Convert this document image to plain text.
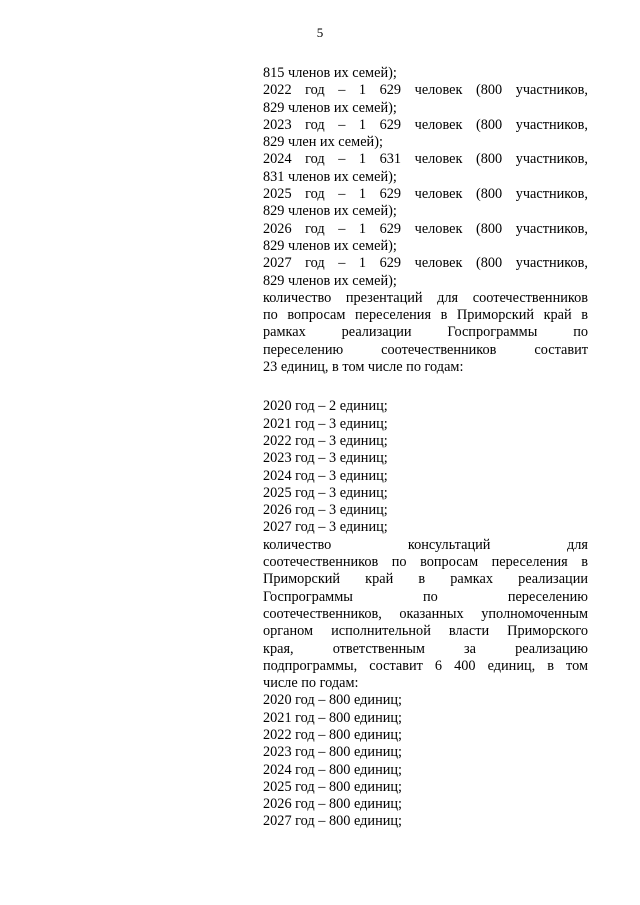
5
815 членов их семей);
2022 год – 1 629 человек (800 участников,
829 членов их семей);
2023 год – 1 629 человек (800 участников,
829 член их семей);
2024 год – 1 631 человек (800 участников,
831 членов их семей);
2025 год – 1 629 человек (800 участников,
829 членов их семей);
2026 год – 1 629 человек (800 участников,
829 членов их семей);
2027 год – 1 629 человек (800 участников,
829 членов их семей);
количество презентаций для соотечественников
по вопросам переселения в Приморский край в
рамках реализации Госпрограммы по
переселению соотечественников составит
23 единиц, в том числе по годам:
2020 год – 2 единиц;
2021 год – 3 единиц;
2022 год – 3 единиц;
2023 год – 3 единиц;
2024 год – 3 единиц;
2025 год – 3 единиц;
2026 год – 3 единиц;
2027 год – 3 единиц;
количество консультаций для
соотечественников по вопросам переселения в
Приморский край в рамках реализации
Госпрограммы по переселению
соотечественников, оказанных уполномоченным
органом исполнительной власти Приморского
края, ответственным за реализацию
подпрограммы, составит 6 400 единиц, в том
числе по годам:
2020 год – 800 единиц;
2021 год – 800 единиц;
2022 год – 800 единиц;
2023 год – 800 единиц;
2024 год – 800 единиц;
2025 год – 800 единиц;
2026 год – 800 единиц;
2027 год – 800 единиц;
